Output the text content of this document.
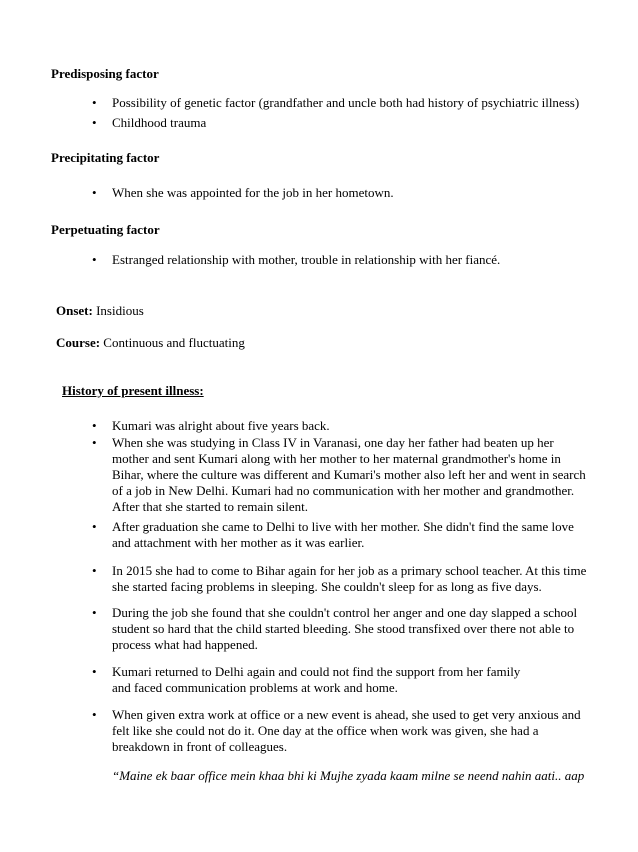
Predisposing factor
• Possibility of genetic factor (grandfather and uncle both had history of psychiatric illness)
• Childhood trauma
Precipitating factor
• When she was appointed for the job in her hometown.
Perpetuating factor
• Estranged relationship with mother, trouble in relationship with her fiancé.
Onset: Insidious
Course: Continuous and fluctuating
History of present illness:
• Kumari was alright about five years back.
• When she was studying in Class IV in Varanasi, one day her father had beaten up her mother and sent Kumari along with her mother to her maternal grandmother's home in Bihar, where the culture was different and Kumari's mother also left her and went in search of a job in New Delhi. Kumari had no communication with her mother and grandmother. After that she started to remain silent.
• After graduation she came to Delhi to live with her mother. She didn't find the same love and attachment with her mother as it was earlier.
• In 2015 she had to come to Bihar again for her job as a primary school teacher. At this time she started facing problems in sleeping. She couldn't sleep for as long as five days.
• During the job she found that she couldn't control her anger and one day slapped a school student so hard that the child started bleeding. She stood transfixed over there not able to process what had happened.
• Kumari returned to Delhi again and could not find the support from her family and faced communication problems at work and home.
• When given extra work at office or a new event is ahead, she used to get very anxious and felt like she could not do it. One day at the office when work was given, she had a breakdown in front of colleagues.
“Maine ek baar office mein khaa bhi ki Mujhe zyada kaam milne se neend nahin aati.. aap
